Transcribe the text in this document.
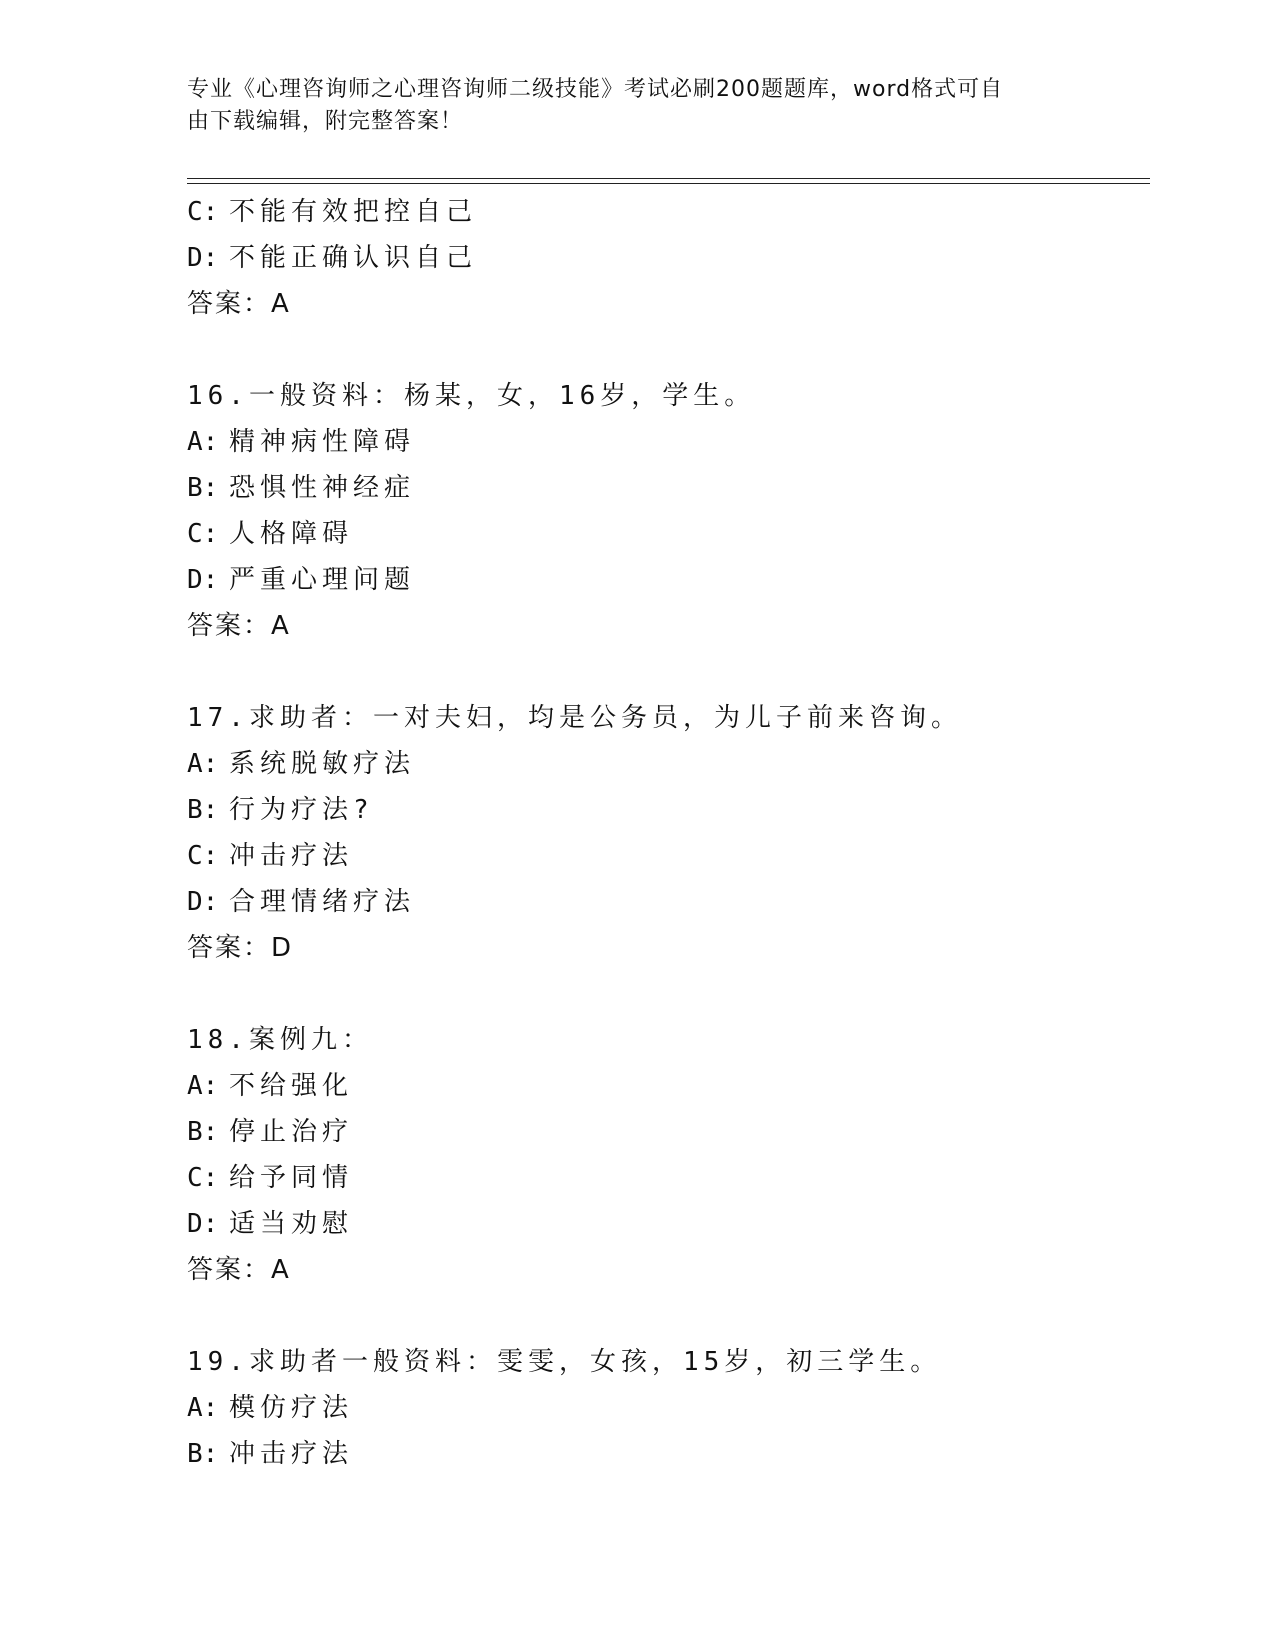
专业《心理咨询师之心理咨询师二级技能》考试必刷200题题库，word格式可自
由下载编辑，附完整答案！
C: 不能有效把控自己
D: 不能正确认识自己
答案：A
16.一般资料：杨某，女，16岁，学生。
A: 精神病性障碍
B: 恐惧性神经症
C: 人格障碍
D: 严重心理问题
答案：A
17.求助者：一对夫妇，均是公务员，为儿子前来咨询。
A: 系统脱敏疗法
B: 行为疗法?
C: 冲击疗法
D: 合理情绪疗法
答案：D
18.案例九：
A: 不给强化
B: 停止治疗
C: 给予同情
D: 适当劝慰
答案：A
19.求助者一般资料：雯雯，女孩，15岁，初三学生。
A: 模仿疗法
B: 冲击疗法
